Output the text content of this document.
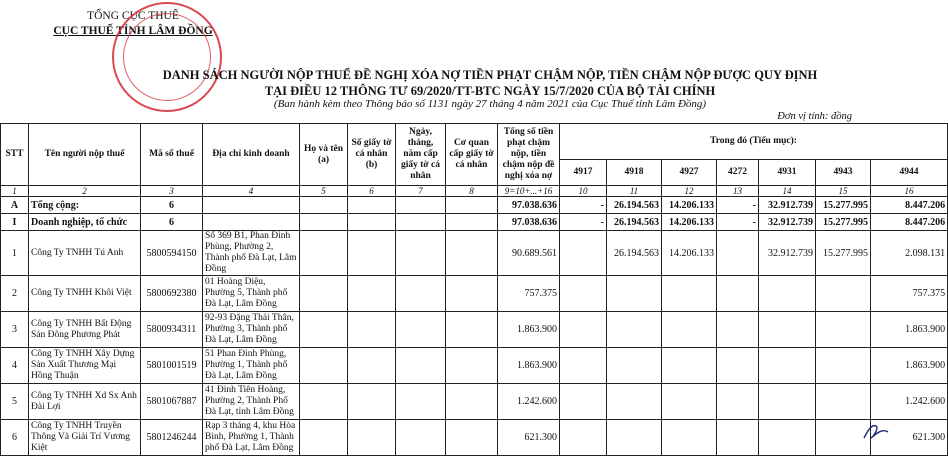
TỔNG CỤC THUẾ
CỤC THUẾ TỈNH LÂM ĐỒNG
DANH SÁCH NGƯỜI NỘP THUẾ ĐỀ NGHỊ XÓA NỢ TIỀN PHẠT CHẬM NỘP, TIỀN CHẬM NỘP ĐƯỢC QUY ĐỊNH
TẠI ĐIỀU 12 THÔNG TƯ 69/2020/TT-BTC NGÀY 15/7/2020 CỦA BỘ TÀI CHÍNH
(Ban hành kèm theo Thông báo số 1131 ngày 27 tháng 4 năm 2021 của Cục Thuế tỉnh Lâm Đồng)
Đơn vị tính: đồng
STT	Tên người nộp thuế	Mã số thuế	Địa chỉ kinh doanh	Họ và tên (a)	Số giấy tờ cá nhân (b)	Ngày, tháng, năm cấp giấy tờ cá nhân	Cơ quan cấp giấy tờ cá nhân	Tổng số tiền phạt chậm nộp, tiền chậm nộp đề nghị xóa nợ	Trong đó (Tiểu mục):						
									4917	4918	4927	4272	4931	4943	4944
1	2	3	4	5	6	7	8	9=10+...+16	10	11	12	13	14	15	16
A	Tổng cộng:	6						97.038.636	-	26.194.563	14.206.133	-	32.912.739	15.277.995	8.447.206
I	Doanh nghiệp, tổ chức	6						97.038.636	-	26.194.563	14.206.133	-	32.912.739	15.277.995	8.447.206
1	Công Ty TNHH Tú Anh	5800594150	Số 369 B1, Phan Đình Phùng, Phường 2, Thành phố Đà Lạt, Lâm Đồng					90.689.561		26.194.563	14.206.133		32.912.739	15.277.995	2.098.131
2	Công Ty TNHH Khôi Việt	5800692380	01 Hoàng Diệu, Phường 5, Thành phố Đà Lạt, Lâm Đồng					757.375							757.375
3	Công Ty TNHH Bất Động Sản Đông Phương Phát	5800934311	92-93 Đặng Thái Thân, Phường 3, Thành phố Đà Lạt, Lâm Đồng					1.863.900							1.863.900
4	Công Ty TNHH Xây Dựng Sản Xuất Thương Mại Hồng Thuận	5801001519	51 Phan Đình Phùng, Phường 1, Thành phố Đà Lạt, Lâm Đồng					1.863.900							1.863.900
5	Công Ty TNHH Xd Sx Anh Đài Lợi	5801067887	41 Đinh Tiên Hoàng, Phường 2, Thành Phố Đà Lạt, tỉnh Lâm Đồng					1.242.600							1.242.600
6	Công Ty TNHH Truyền Thông Và Giải Trí Vương Kiệt	5801246244	Rạp 3 tháng 4, khu Hòa Bình, Phường 1, Thành phố Đà Lạt, Lâm Đồng					621.300							621.300
